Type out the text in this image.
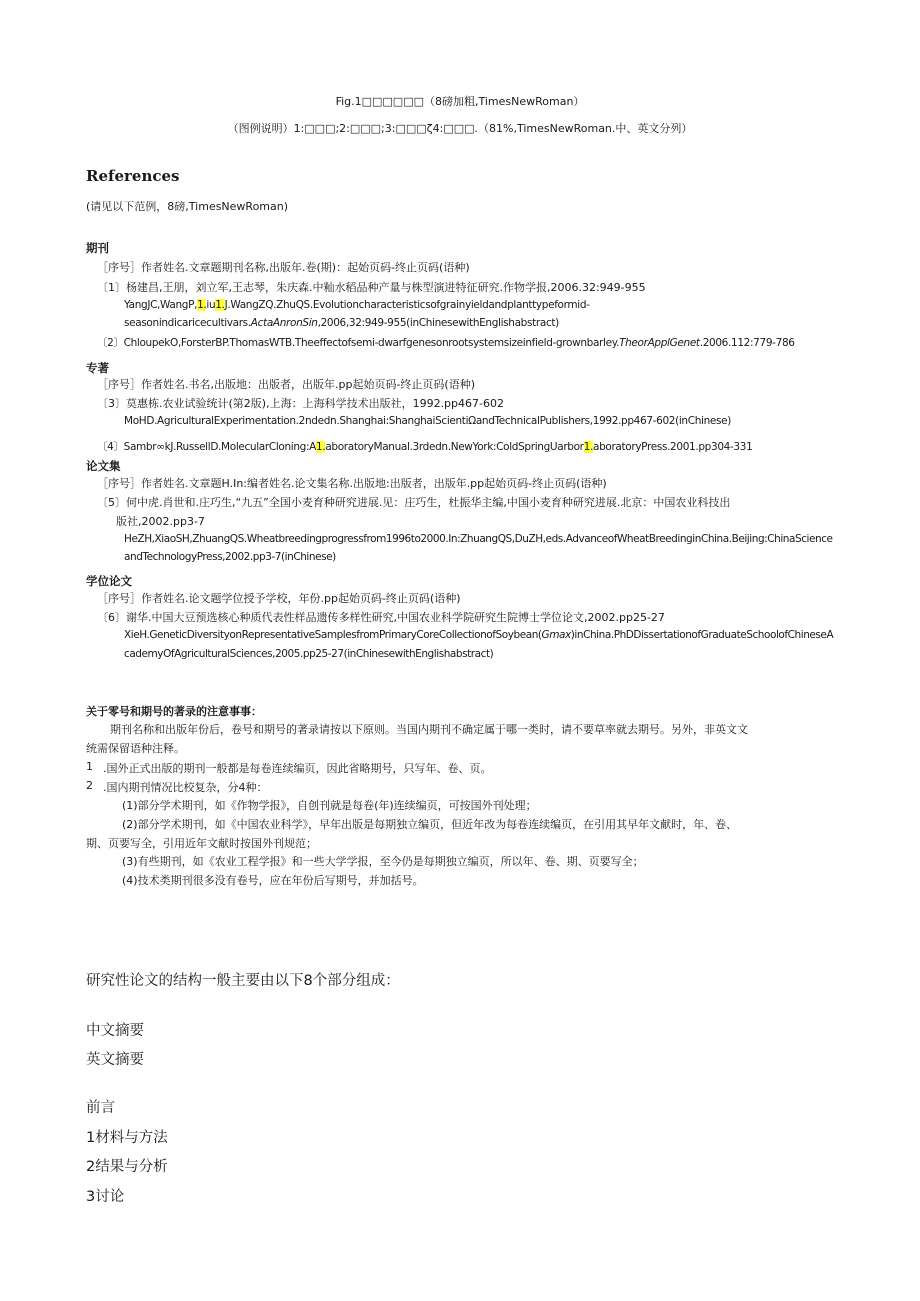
Fig.1□□□□□□（8磅加粗,TimesNewRoman）
（图例说明）1:□□□;2:□□□;3:□□□ζ4:□□□.（81%,TimesNewRoman.中、英文分列）
References
(请见以下范例，8磅,TimesNewRoman)
期刊
［序号］作者姓名.文章题期刊名称,出版年.卷(期)：起始页码-终止页码(语种)
〔1〕杨建昌,王朋，刘立军,王志琴，朱庆森.中籼水稻品种产量与株型演进特征研究.作物学报,2006.32:949-955
YangJC,WangP,1.iu1.J.WangZQ.ZhuQS.Evolutioncharacteristicsofgrainyieldandplanttypeformid-
seasonindicaricecultivars.ActaAnronSin,2006,32:949-955(inChinesewithEnglishabstract)
〔2〕ChloupekO,ForsterBP.ThomasWTB.Theeffectofsemi-dwarfgenesonrootsystemsizeinfield-grownbarley.TheorApplGenet.2006.112:779-786
专著
［序号］作者姓名.书名,出版地：出版者，出版年.pp起始页码-终止页码(语种)
〔3〕莫惠栋.农业试验统计(第2版),上海：上海科学技术出版社，1992.pp467-602
MoHD.AgriculturalExperimentation.2ndedn.Shanghai:ShanghaiScientiΩandTechnicalPublishers,1992.pp467-602(inChinese)
〔4〕Sambr∞kJ.RussellD.MolecularCloning:A1.aboratoryManual.3rdedn.NewYork:ColdSpringUarbor1.aboratoryPress.2001.pp304-331
论文集
［序号］作者姓名.文章题H.In:编者姓名.论文集名称.出版地:出版者，出版年.pp起始页码-终止页码(语种)
〔5〕何中虎.肖世和.庄巧生,“九五”全国小麦育种研究进展.见：庄巧生，杜振华主编,中国小麦育种研究进展.北京：中国农业科技出
版社,2002.pp3-7
HeZH,XiaoSH,ZhuangQS.Wheatbreedingprogressfrom1996to2000.In:ZhuangQS,DuZH,eds.AdvanceofWheatBreedinginChina.Beijing:ChinaScience
andTechnologyPress,2002.pp3-7(inChinese)
学位论文
［序号］作者姓名.论文题学位授予学校，年份.pp起始页码-终止页码(语种)
〔6〕谢华.中国大豆预选核心种质代表性样品遗传多样性研究,中国农业科学院研究生院博士学位论文,2002.pp25-27
XieH.GeneticDiversityonRepresentativeSamplesfromPrimaryCoreCollectionofSoybean(Gmax)inChina.PhDDissertationofGraduateSchoolofChineseA
cademyOfAgriculturalSciences,2005.pp25-27(inChinesewithEnglishabstract)
关于零号和期号的著录的注意事事：
期刊名称和出版年份后，卷号和期号的著录请按以下原则。当国内期刊不确定属于哪一类时，请不要草率就去期号。另外，非英文文
统需保留语种注释。
1 .国外正式出版的期刊一般都是每卷连续编页，因此省略期号，只写年、卷、页。
2 .国内期刊情况比校复杂，分4种：
(1)部分学术期刊，如《作物学报》，自创刊就是每卷(年)连续编页，可按国外刊处理；
(2)部分学术期刊，如《中国农业科学》，早年出版是每期独立编页，但近年改为每卷连续编页，在引用其早年文献时，年、卷、
期、页要写全，引用近年文献时按国外刊规范；
(3)有些期刊，如《农业工程学报》和一些大学学报，至今仍是每期独立编页，所以年、卷、期、页要写全；
(4)技术类期刊很多没有卷号，应在年份后写期号，并加括号。
研究性论文的结构一般主要由以下8个部分组成：
中文摘要
英文摘要
前言
1材料与方法
2结果与分析
3讨论
